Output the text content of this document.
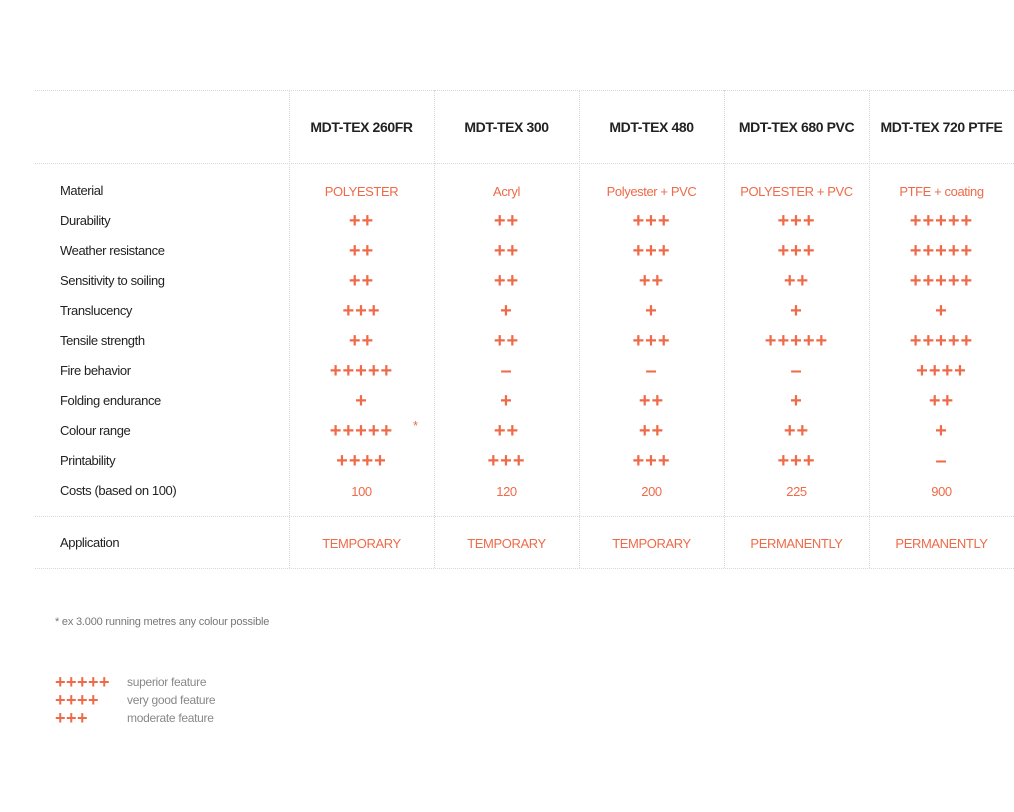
MDT-TEX 260FR	MDT-TEX 300	MDT-TEX 480	MDT-TEX 680 PVC	MDT-TEX 720 PTFE
Material	POLYESTER	Acryl	Polyester + PVC	POLYESTER + PVC	PTFE + coating
Durability	++	++	+++	+++	+++++
Weather resistance	++	++	+++	+++	+++++
Sensitivity to soiling	++	++	++	++	+++++
Translucency	+++	+	+	+	+
Tensile strength	++	++	+++	+++++	+++++
Fire behavior	+++++	–	–	–	++++
Folding endurance	+	+	++	+	++
Colour range	+++++	++	++	++	+
*
Printability	++++	+++	+++	+++	–
Costs (based on 100)	100	120	200	225	900
Application	TEMPORARY	TEMPORARY	TEMPORARY	PERMANENTLY	PERMANENTLY
* ex 3.000 running metres any colour possible
+++++ superior feature
++++ very good feature
+++	moderate feature
